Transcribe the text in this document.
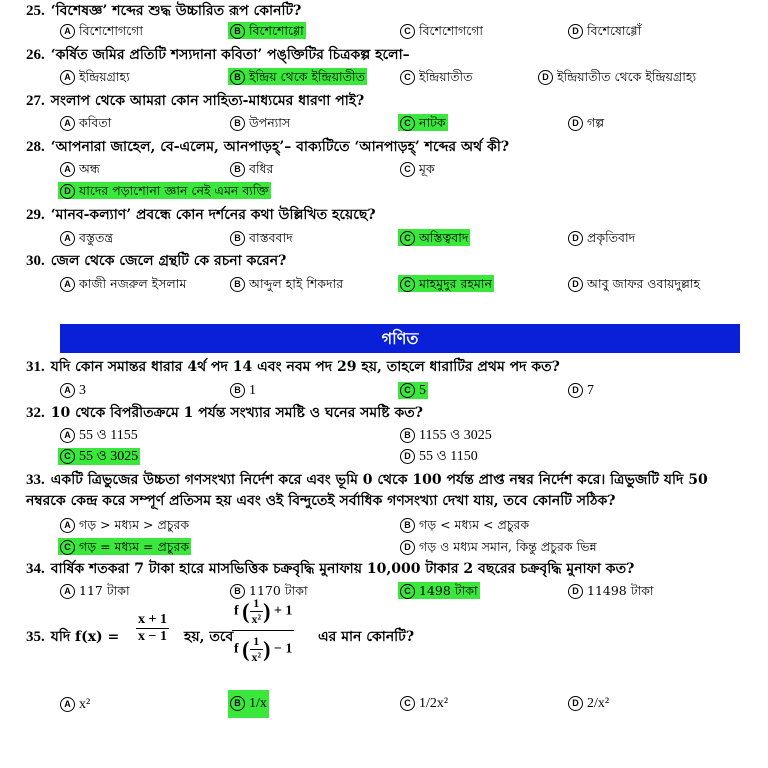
25. ‘বিশেষজ্ঞ’ শব্দের শুদ্ধ উচ্চারিত রূপ কোনটি?
A বিশেশোগগো	B বিশেশোগ্গো	C বিশেশোগগো	D বিশেষোগ্গোঁ
26. ‘কর্ষিত জমির প্রতিটি শস্যদানা কবিতা’ পঙ্‌ক্তিটির চিত্রকল্প হলো–
A ইন্দ্রিয়গ্রাহ্য	B ইন্দ্রিয় থেকে ইন্দ্রিয়াতীত	C ইন্দ্রিয়াতীত	D ইন্দ্রিয়াতীত থেকে ইন্দ্রিয়গ্রাহ্য
27. সংলাপ থেকে আমরা কোন সাহিত্য-মাধ্যমের ধারণা পাই?
A কবিতা	B উপন্যাস	C নাটক	D গল্প
28. ‘আপনারা জাহেল, বে-এলেম, আনপাড়হ্’– বাক্যটিতে ‘আনপাড়হ্’ শব্দের অর্থ কী?
A অন্ধ	B বধির	C মূক
D যাদের পড়াশোনা জ্ঞান নেই এমন ব্যক্তি
29. ‘মানব-কল্যাণ’ প্রবন্ধে কোন দর্শনের কথা উল্লিখিত হয়েছে?
A বস্তুতন্ত্র	B বাস্তববাদ	C অস্তিত্ববাদ	D প্রকৃতিবাদ
30. জেল থেকে জেলে গ্রন্থটি কে রচনা করেন?
A কাজী নজরুল ইসলাম	B আব্দুল হাই শিকদার	C মাহমুদুর রহমান	D আবু জাফর ওবায়দুল্লাহ
গণিত
31. যদি কোন সমান্তর ধারার 4র্থ পদ 14 এবং নবম পদ 29 হয়, তাহলে ধারাটির প্রথম পদ কত?
A 3	B 1	C 5	D 7
32. 10 থেকে বিপরীতক্রমে 1 পর্যন্ত সংখ্যার সমষ্টি ও ঘনের সমষ্টি কত?
A 55 ও 1155	B 1155 ও 3025
C 55 ও 3025	D 55 ও 1150
33. একটি ত্রিভুজের উচ্চতা গণসংখ্যা নির্দেশ করে এবং ভূমি 0 থেকে 100 পর্যন্ত প্রাপ্ত নম্বর নির্দেশ করে। ত্রিভুজটি যদি 50 নম্বরকে কেন্দ্র করে সম্পূর্ণ প্রতিসম হয় এবং ওই বিন্দুতেই সর্বাধিক গণসংখ্যা দেখা যায়, তবে কোনটি সঠিক?
A গড় > মধ্যম > প্রচুরক	B গড় < মধ্যম < প্রচুরক
C গড় = মধ্যম = প্রচুরক	D গড় ও মধ্যম সমান, কিন্তু প্রচুরক ভিন্ন
34. বার্ষিক শতকরা 7 টাকা হারে মাসভিত্তিক চক্রবৃদ্ধি মুনাফায় 10,000 টাকার 2 বছরের চক্রবৃদ্ধি মুনাফা কত?
A 117 টাকা	B 1170 টাকা	C 1498 টাকা	D 11498 টাকা
35. যদি $f(x) = \frac{x + 1}{x - 1}$ হয়, তবে
$\frac{f ( \frac{1}{\text{x²}} ) + 1}{f ( \frac{1}{\text{x²}} ) - 1}$ এর মান কোনটি?
A x²	B 1/x	C 1/2x²	D 2/x²
